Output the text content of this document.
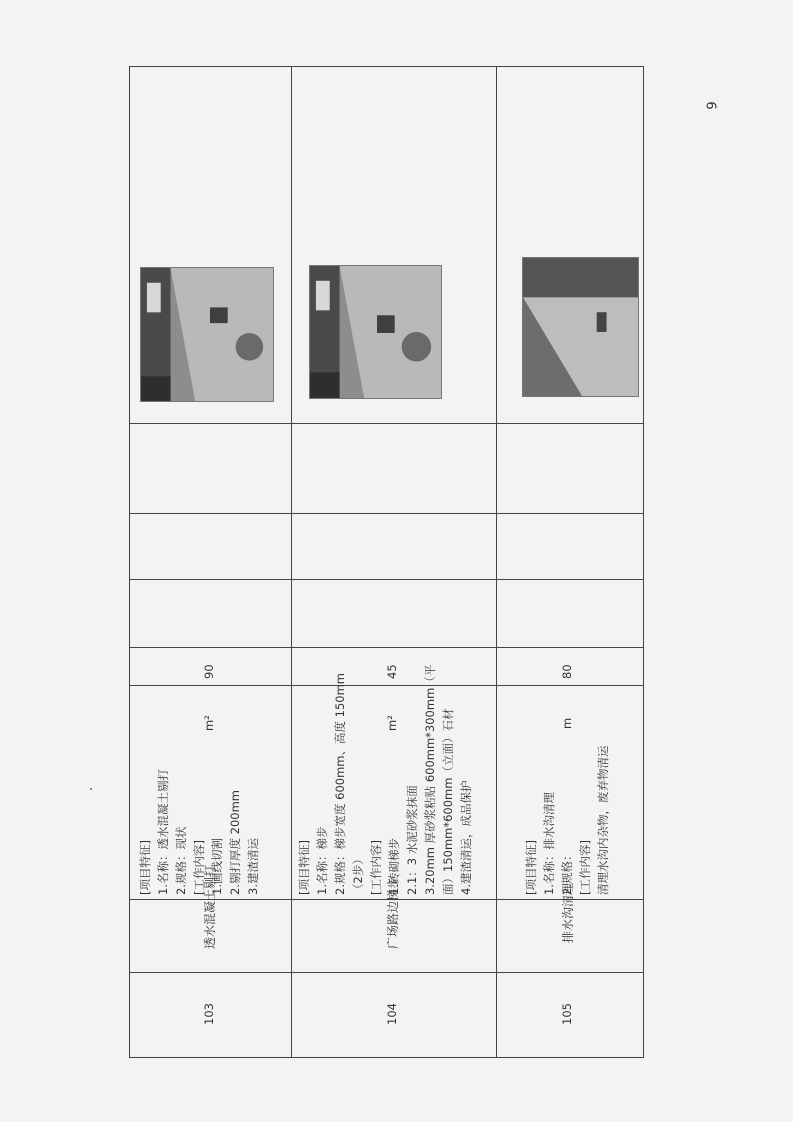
6
90
m²
[项目特征] 1.名称：透水混凝土剔打 2.规格：现状 [工作内容] 1.画线切割 2.剔打厚度 200mm 3.建渣清运
透水混凝土剔打
103
45
m²
[项目特征] 1.名称：梯步 2.规格：梯步宽度 600mm、高度 150mm （2步） [工作内容] 1.砖砌梯步 2.1：3 水泥砂浆抹面 3.20mm 厚砂浆粘贴 600mm*300mm（平 面）150mm*600mm（立面）石材 4.建渣清运，成品保护
广场路边梯步
104
80
m
[项目特征] 1.名称：排水沟清理 2.规格： [工作内容] 清理水沟内杂物，废弃物清运
排水沟清理
105
